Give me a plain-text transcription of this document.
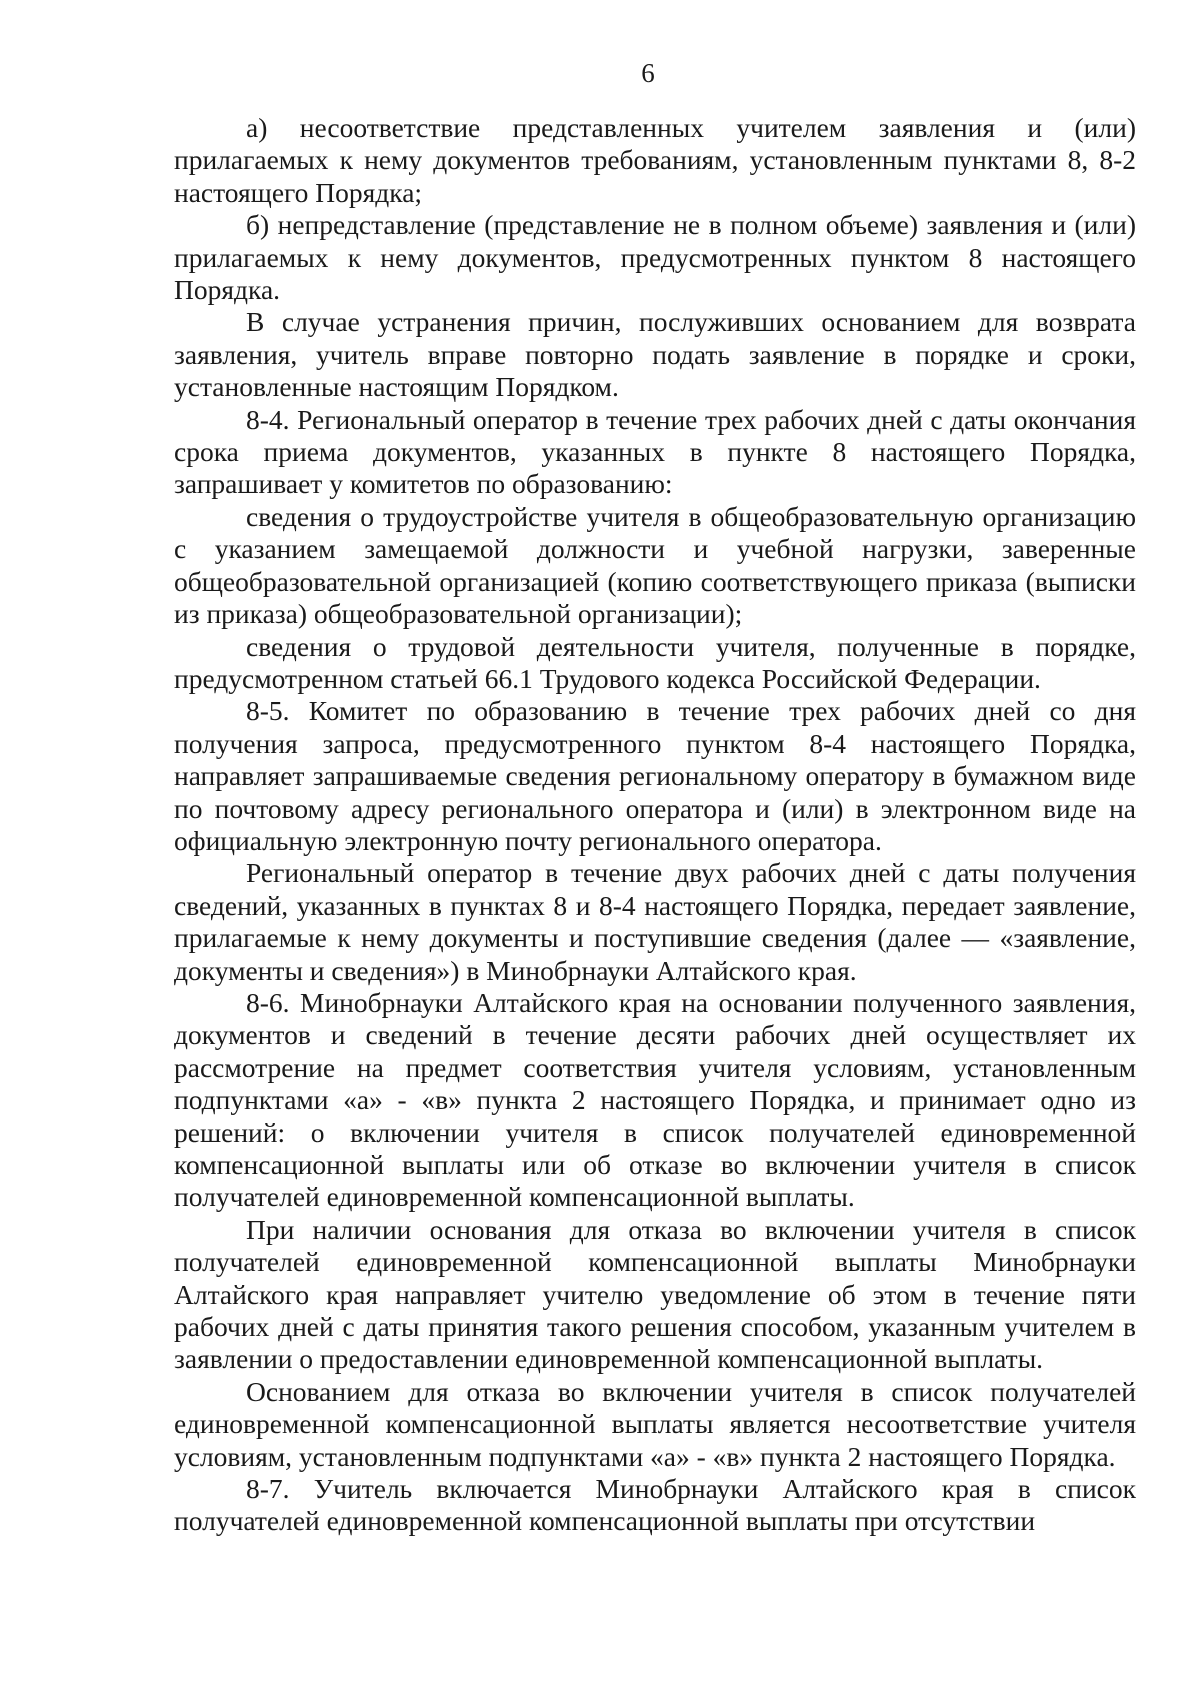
6

а) несоответствие представленных учителем заявления и (или) прилагаемых к нему документов требованиям, установленным пунктами 8, 8-2 настоящего Порядка;

б) непредставление (представление не в полном объеме) заявления и (или) прилагаемых к нему документов, предусмотренных пунктом 8 настоящего Порядка.

В случае устранения причин, послуживших основанием для возврата заявления, учитель вправе повторно подать заявление в порядке и сроки, установленные настоящим Порядком.

8-4. Региональный оператор в течение трех рабочих дней с даты окончания срока приема документов, указанных в пункте 8 настоящего Порядка, запрашивает у комитетов по образованию:

сведения о трудоустройстве учителя в общеобразовательную организацию с указанием замещаемой должности и учебной нагрузки, заверенные общеобразовательной организацией (копию соответствующего приказа (выписки из приказа) общеобразовательной организации);

сведения о трудовой деятельности учителя, полученные в порядке, предусмотренном статьей 66.1 Трудового кодекса Российской Федерации.

8-5. Комитет по образованию в течение трех рабочих дней со дня получения запроса, предусмотренного пунктом 8-4 настоящего Порядка, направляет запрашиваемые сведения региональному оператору в бумажном виде по почтовому адресу регионального оператора и (или) в электронном виде на официальную электронную почту регионального оператора.

Региональный оператор в течение двух рабочих дней с даты получения сведений, указанных в пунктах 8 и 8-4 настоящего Порядка, передает заявление, прилагаемые к нему документы и поступившие сведения (далее — «заявление, документы и сведения») в Минобрнауки Алтайского края.

8-6. Минобрнауки Алтайского края на основании полученного заявления, документов и сведений в течение десяти рабочих дней осуществляет их рассмотрение на предмет соответствия учителя условиям, установленным подпунктами «а» - «в» пункта 2 настоящего Порядка, и принимает одно из решений: о включении учителя в список получателей единовременной компенсационной выплаты или об отказе во включении учителя в список получателей единовременной компенсационной выплаты.

При наличии основания для отказа во включении учителя в список получателей единовременной компенсационной выплаты Минобрнауки Алтайского края направляет учителю уведомление об этом в течение пяти рабочих дней с даты принятия такого решения способом, указанным учителем в заявлении о предоставлении единовременной компенсационной выплаты.

Основанием для отказа во включении учителя в список получателей единовременной компенсационной выплаты является несоответствие учителя условиям, установленным подпунктами «а» - «в» пункта 2 настоящего Порядка.

8-7. Учитель включается Минобрнауки Алтайского края в список получателей единовременной компенсационной выплаты при отсутствии
